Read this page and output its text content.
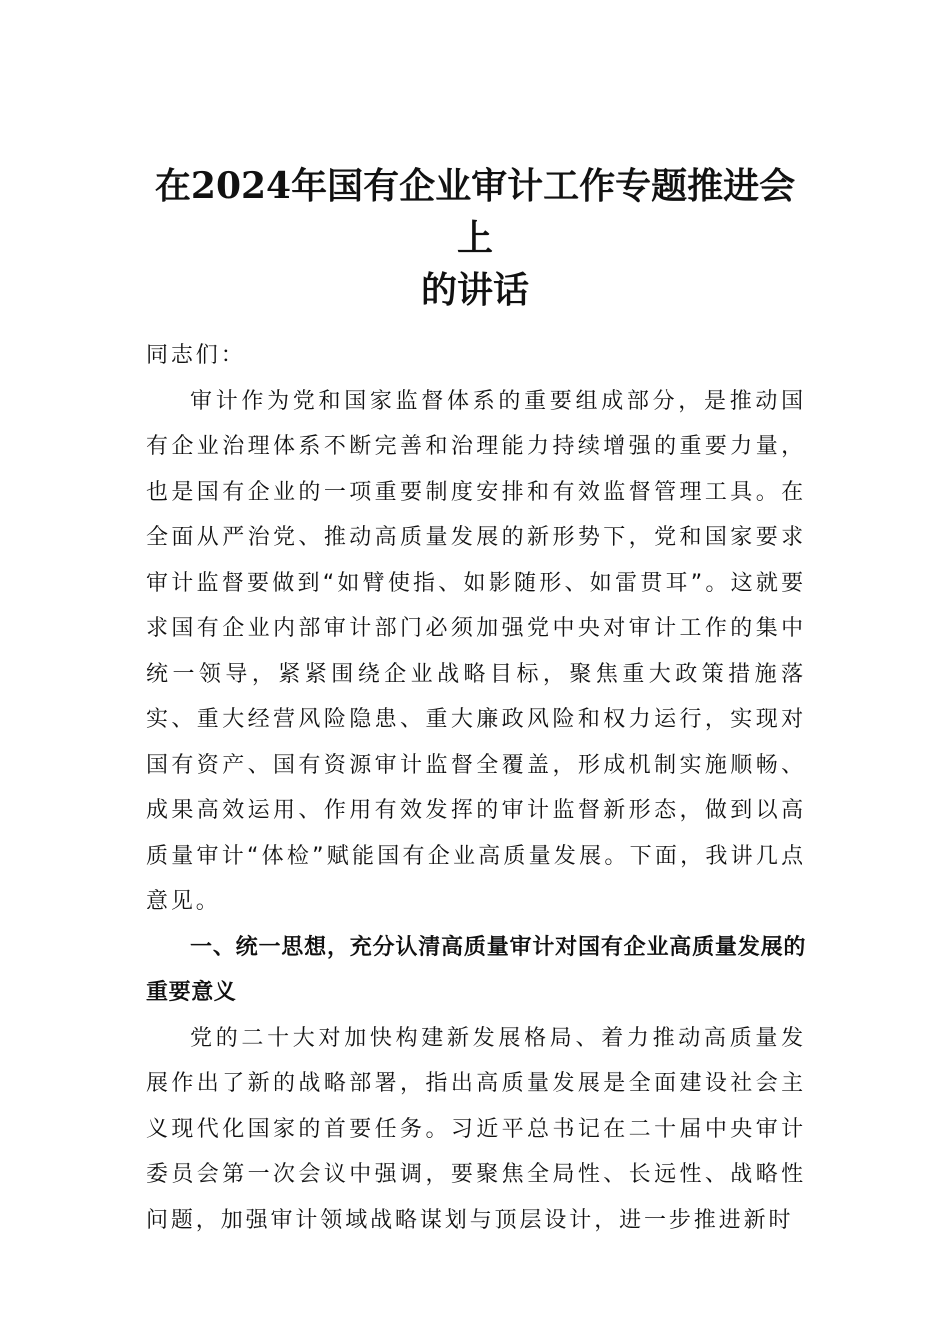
在2024年国有企业审计工作专题推进会上
的讲话

同志们：

审计作为党和国家监督体系的重要组成部分，是推动国有企业治理体系不断完善和治理能力持续增强的重要力量，也是国有企业的一项重要制度安排和有效监督管理工具。在全面从严治党、推动高质量发展的新形势下，党和国家要求审计监督要做到“如臂使指、如影随形、如雷贯耳”。这就要求国有企业内部审计部门必须加强党中央对审计工作的集中统一领导，紧紧围绕企业战略目标，聚焦重大政策措施落实、重大经营风险隐患、重大廉政风险和权力运行，实现对国有资产、国有资源审计监督全覆盖，形成机制实施顺畅、成果高效运用、作用有效发挥的审计监督新形态，做到以高质量审计“体检”赋能国有企业高质量发展。下面，我讲几点意见。

一、统一思想，充分认清高质量审计对国有企业高质量发展的重要意义

党的二十大对加快构建新发展格局、着力推动高质量发展作出了新的战略部署，指出高质量发展是全面建设社会主义现代化国家的首要任务。习近平总书记在二十届中央审计委员会第一次会议中强调，要聚焦全局性、长远性、战略性问题，加强审计领域战略谋划与顶层设计，进一步推进新时
